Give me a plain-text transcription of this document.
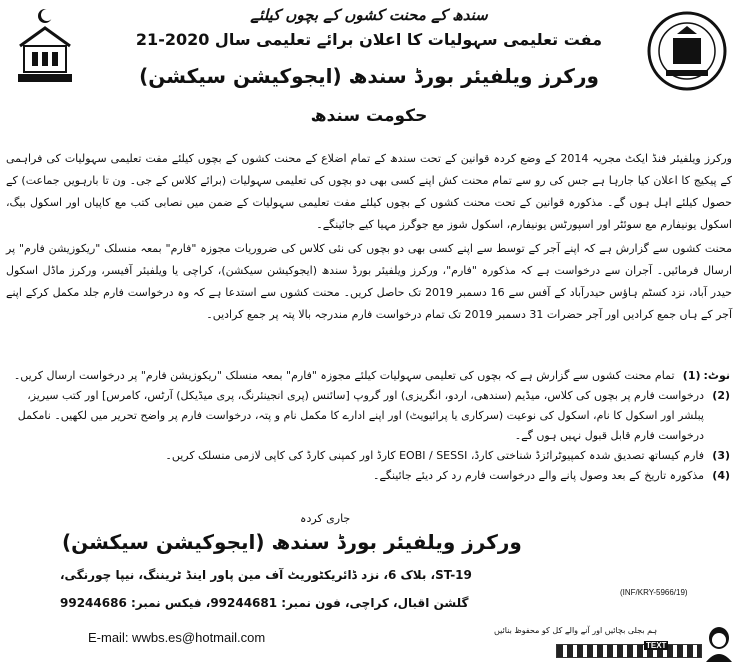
سندھ کے محنت کشوں کے بچوں کیلئے
مفت تعلیمی سہولیات کا اعلان برائے تعلیمی سال 2020-21
ورکرز ویلفیئر بورڈ سندھ (ایجوکیشن سیکشن)
حکومت سندھ

ورکرز ویلفیئر فنڈ ایکٹ مجریہ 2014 کے وضع کردہ قوانین کے تحت سندھ کے تمام اضلاع کے محنت کشوں کے بچوں کیلئے مفت تعلیمی سہولیات کی فراہمی کے پیکیج کا اعلان کیا جارہا ہے جس کی رو سے تمام محنت کش اپنے کسی بھی دو بچوں کی تعلیمی سہولیات (برائے کلاس کے جی۔ ون تا بارہویں جماعت) کے حصول کیلئے اہل ہوں گے۔ مذکورہ قوانین کے تحت محنت کشوں کے بچوں کیلئے مفت تعلیمی سہولیات کے ضمن میں نصابی کتب مع کاپیاں اور اسکول بیگ، اسکول یونیفارم مع سوئٹر اور اسپورٹس یونیفارم، اسکول شوز مع جوگرز مہیا کیے جائینگے۔

محنت کشوں سے گزارش ہے کہ اپنے آجر کے توسط سے اپنے کسی بھی دو بچوں کی نئی کلاس کی ضروریات مجوزہ "فارم" بمعہ منسلک "ریکوزیشن فارم" پر ارسال فرمائیں۔ آجران سے درخواست ہے کہ مذکورہ "فارم"، ورکرز ویلفیئر بورڈ سندھ (ایجوکیشن سیکشن)، کراچی یا ویلفیئر آفیسر، ورکرز ماڈل اسکول حیدر آباد، نزد کسٹم ہاؤس حیدرآباد کے آفس سے 16 دسمبر 2019 تک حاصل کریں۔ محنت کشوں سے استدعا ہے کہ وہ درخواست فارم جلد مکمل کرکے اپنے آجر کے ہاں جمع کرادیں اور آجر حضرات 31 دسمبر 2019 تک تمام درخواست فارم مندرجہ بالا پتہ پر جمع کرادیں۔

نوٹ:
(1)
تمام محنت کشوں سے گزارش ہے کہ بچوں کی تعلیمی سہولیات کیلئے مجوزہ "فارم" بمعہ منسلک "ریکوزیشن فارم" پر درخواست ارسال کریں۔
(2)
درخواست فارم پر بچوں کی کلاس، میڈیم (سندھی، اردو، انگریزی) اور گروپ [سائنس (پری انجینئرنگ، پری میڈیکل) آرٹس، کامرس] اور کتب سیریز، پبلشر اور اسکول کا نام، اسکول کی نوعیت (سرکاری یا پرائیویٹ) اور اپنے ادارے کا مکمل نام و پتہ، درخواست فارم پر واضح تحریر میں لکھیں۔ نامکمل درخواست فارم قابل قبول نہیں ہوں گے۔
(3)
فارم کیساتھ تصدیق شدہ کمپیوٹرائزڈ شناختی کارڈ، EOBI / SESSI کارڈ اور کمپنی کارڈ کی کاپی لازمی منسلک کریں۔
(4)
مذکورہ تاریخ کے بعد وصول پانے والے درخواست فارم رد کر دیئے جائینگے۔
جاری کردہ
ورکرز ویلفیئر بورڈ سندھ (ایجوکیشن سیکشن)
ST-19، بلاک 6، نزد ڈائریکٹوریٹ آف مین پاور اینڈ ٹریننگ، نیپا چورنگی،
گلشن اقبال، کراچی، فون نمبر: 99244681، فیکس نمبر: 99244686
E-mail: wwbs.es@hotmail.com
(INF/KRY-5966/19)
ہم بجلی بچائیں اور آنے والے کل کو محفوظ بنائیں
TEXT
